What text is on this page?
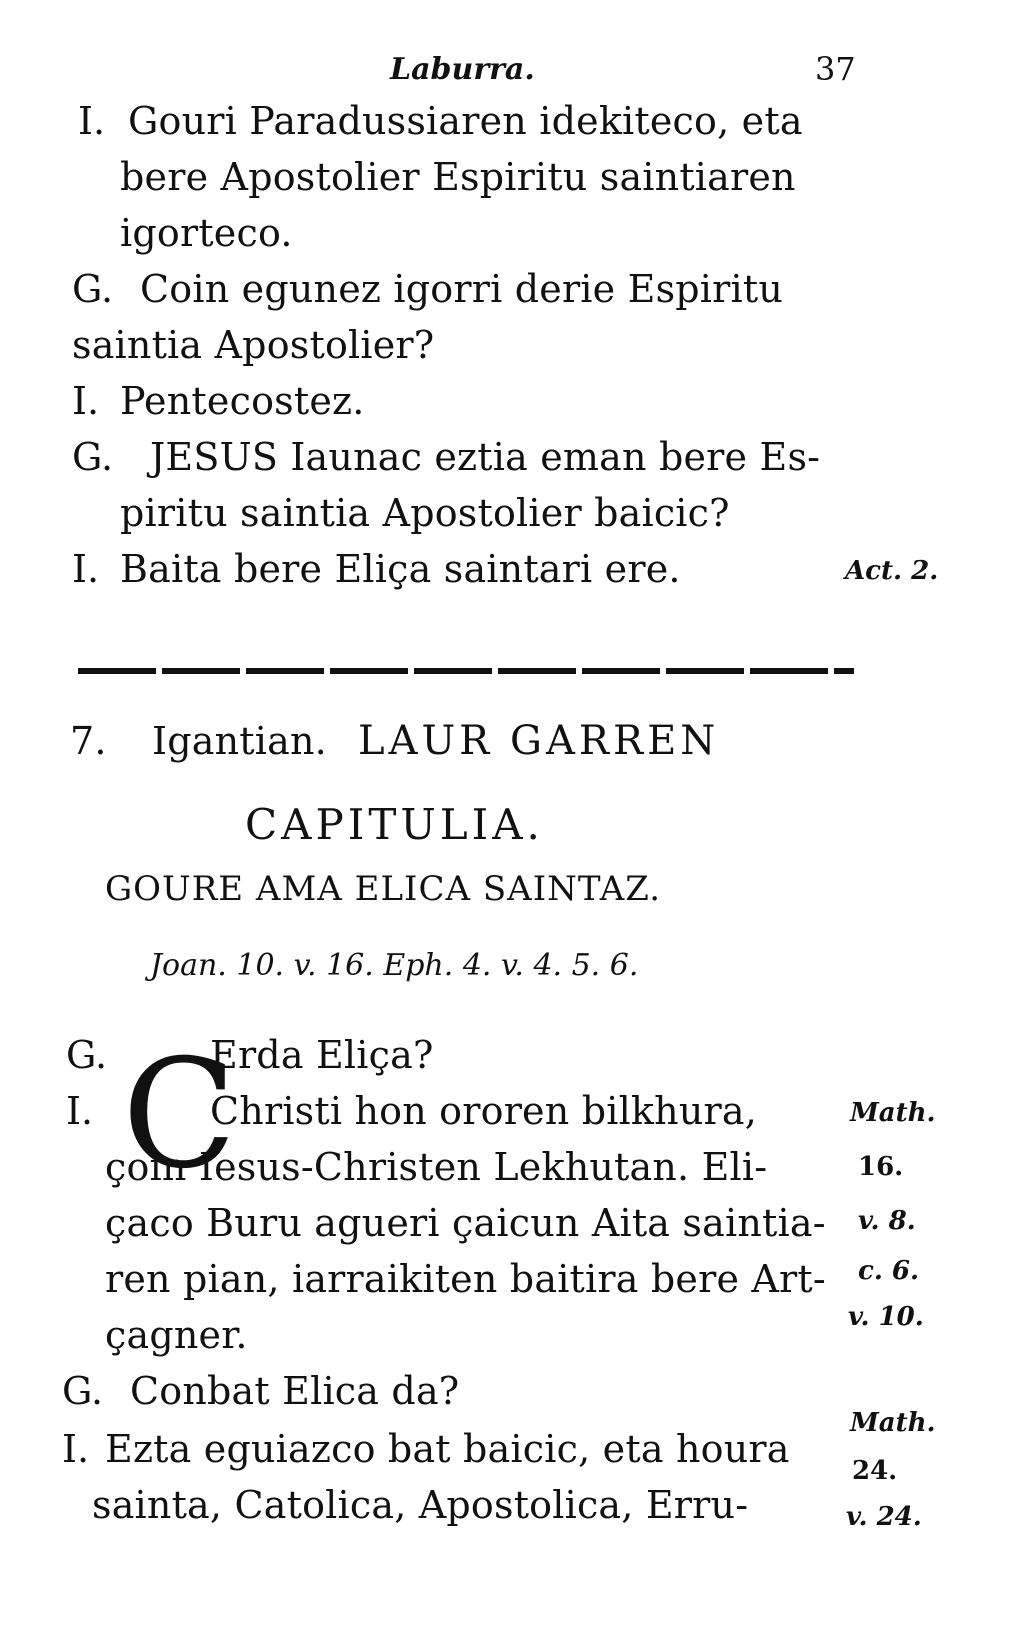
Laburra.	37
I. Gouri Paradussiaren idekiteco, eta
bere Apostolier Espiritu saintiaren
igorteco.
G. Coin egunez igorri derie Espiritu
saintia Apostolier?
I. Pentecostez.
G. JESUS Iaunac eztia eman bere Es-
piritu saintia Apostolier baicic?
I. Baita bere Eliça saintari ere.	Act. 2.
7. Igantian. LAUR GARREN
CAPITULIA.
GOURE AMA ELICA SAINTAZ.
Joan. 10. v. 16. Eph. 4. v. 4. 5. 6.
C
G.	Erda Eliça?
I.	Christi hon ororen bilkhura,
çoin Iesus-Christen Lekhutan. Eli-
çaco Buru agueri çaicun Aita saintia-
ren pian, iarraikiten baitira bere Art-
çagner.
G. Conbat Elica da?
I. Ezta eguiazco bat baicic, eta houra
sainta, Catolica, Apostolica, Erru-
Math.
16.
v. 8.
c. 6.
v. 10.
Math.
24.
v. 24.
